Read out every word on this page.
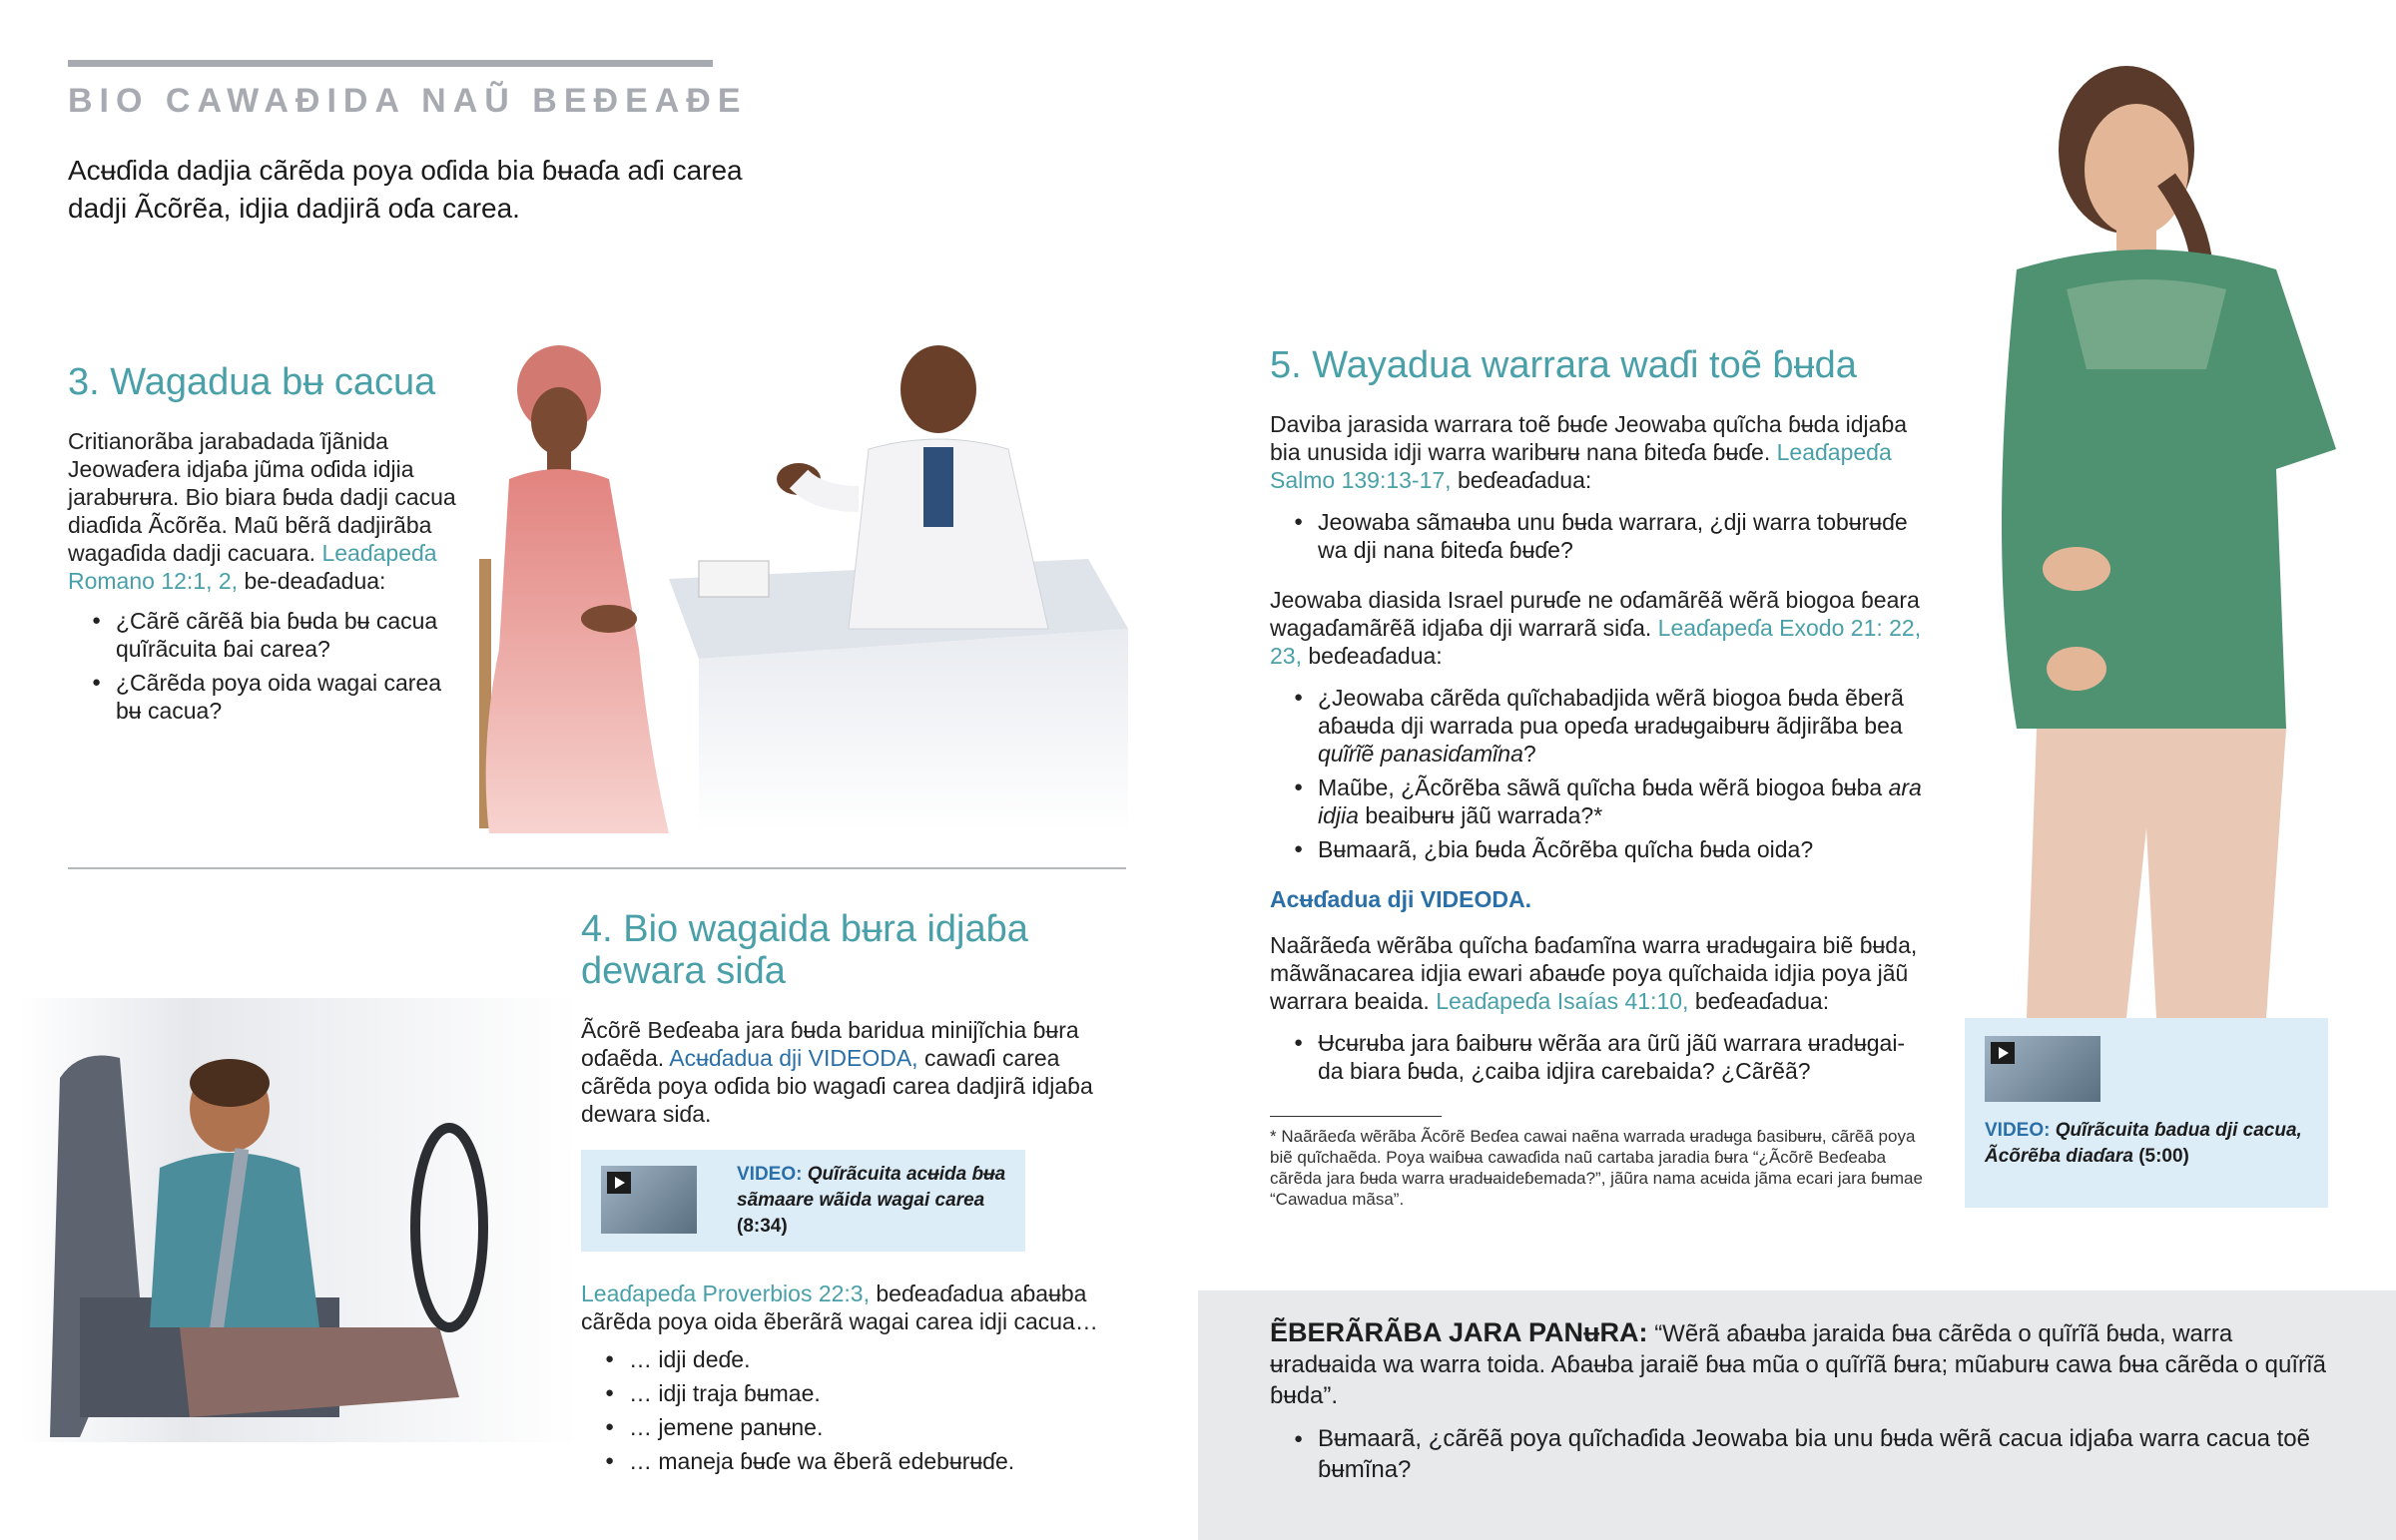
BIO CAWAƉIDA NAŨ BEƉEAƉE
Acʉɗida dadjia cãrẽda poya oɗida bia ɓʉaɗa aɗi carea dadji Ãcõrẽa, idjia dadjirã oɗa carea.
3. Wagadua bʉ cacua

Critianorãba jarabadada ĩjãnida Jeowaɗera idjaɓa jũma oɗida idjia jarabʉrʉra. Bio biara ɓʉda dadji cacua diaɗida Ãcõrẽa. Maũ bẽrã dadjirãba wagaɗida dadji cacuara. Leaɗapeɗa Romano 12:1, 2, be-deaɗadua:

● ¿Cãrẽ cãrẽã bia ɓʉda bʉ cacua quĩrãcuita ɓai carea?
● ¿Cãrẽda poya oida wagai carea bʉ cacua?
4. Bio wagaida bʉra idjaɓa dewara siɗa

Ãcõrẽ Beɗeaba jara ɓʉda baridua minijĩchia ɓʉra oɗaẽda. Acʉɗadua dji VIDEODA, cawaɗi carea cãrẽda poya oɗida bio wagaɗi carea dadjirã idjaɓa dewara siɗa.

VIDEO: Quĩrãcuita acʉida ɓʉa sãmaare wãida wagai carea (8:34)

Leaɗapeɗa Proverbios 22:3, beɗeaɗadua aɓaʉba cãrẽda poya oida ẽberãrã wagai carea idji cacua…

● … idji deɗe.
● … idji traja ɓʉmae.
● … jemene panʉne.
● … maneja ɓʉɗe wa ẽberã edebʉrʉɗe.
5. Wayadua warrara waɗi toẽ ɓʉda

Daviba jarasida warrara toẽ ɓʉɗe Jeowaba quĩcha ɓʉda idjaɓa bia unusida idji warra waribʉrʉ nana ɓiteɗa ɓʉɗe. Leaɗapeɗa Salmo 139:13-17, beɗeaɗadua:

● Jeowaba sãmaʉba unu ɓʉda warrara, ¿dji warra tobʉrʉɗe wa dji nana ɓiteɗa ɓʉɗe?

Jeowaba diasida Israel purʉɗe ne oɗamãrẽã wẽrã biogoa ɓeara wagaɗamãrẽã idjaɓa dji warrarã siɗa. Leaɗapeɗa Exodo 21: 22, 23, beɗeaɗadua:

● ¿Jeowaba cãrẽda quĩchabadjida wẽrã biogoa ɓʉda ẽberã aɓaʉda dji warrada pua opeɗa ʉradʉgaibʉrʉ ãdjirãba bea quĩrĩẽ panasiɗamĩna?
● Maũbe, ¿Ãcõrẽba sãwã quĩcha ɓʉda wẽrã biogoa ɓʉba ara idjia beaibʉrʉ jãũ warrada?*
● Bʉmaarã, ¿bia ɓʉda Ãcõrẽba quĩcha ɓʉda oida?
Acʉɗadua dji VIDEODA.

Naãrãeɗa wẽrãba quĩcha ɓaɗamĩna warra ʉradʉgaira biẽ ɓʉda, mãwãnacarea idjia ewari aɓaʉɗe poya quĩchaida idjia poya jãũ warrara beaida. Leaɗapeɗa Isaías 41:10, beɗeaɗadua:

● Ʉcʉrʉba jara ɓaibʉrʉ wẽrãa ara ũrũ jãũ warrara ʉradʉgai-da biara ɓʉda, ¿caiba idjira carebaida? ¿Cãrẽã?
* Naãrãeɗa wẽrãba Ãcõrẽ Beɗea cawai naẽna warrada ʉradʉga ɓasibʉrʉ, cãrẽã poya biẽ quĩchaẽda. Poya waiɓʉa cawaɗida naũ cartaba jaradia ɓʉra “¿Ãcõrẽ Beɗeaba cãrẽda jara ɓʉda warra ʉradʉaideɓemada?”, jãũra nama acʉida jãma ecari jara ɓʉmae “Cawadua mãsa”.
VIDEO: Quĩrãcuita ɓadua dji cacua, Ãcõrẽba diaɗara (5:00)
ẼBERÃRÃBA JARA PANʉRA: “Wẽrã aɓaʉba jaraida ɓʉa cãrẽda o quĩrĩã ɓʉda, warra ʉradʉaida wa warra toida. Aɓaʉba jaraiẽ ɓʉa mũa o quĩrĩã ɓʉra; mũaburʉ cawa ɓʉa cãrẽda o quĩrĩã ɓʉda”.
● Bʉmaarã, ¿cãrẽã poya quĩchaɗida Jeowaba bia unu ɓʉda wẽrã cacua idjaɓa warra cacua toẽ ɓʉmĩna?
